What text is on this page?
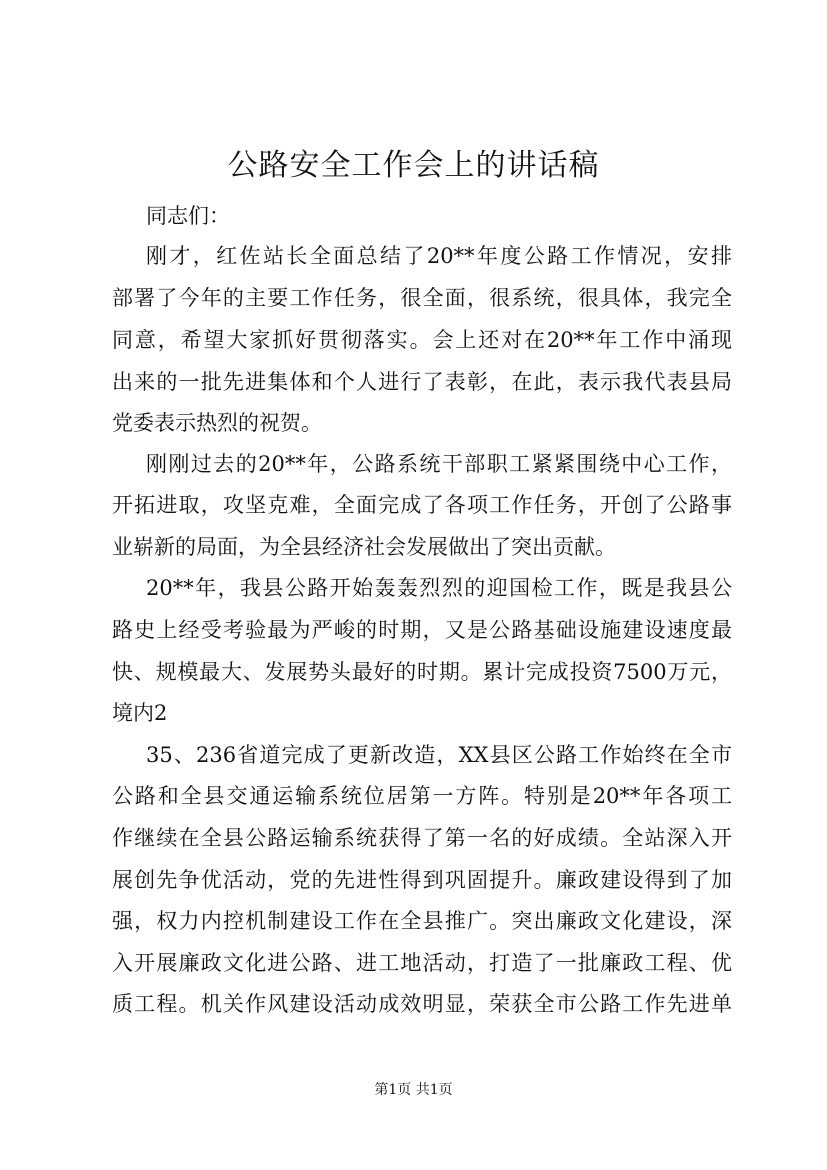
公路安全工作会上的讲话稿
同志们：
刚才，红佐站长全面总结了20**年度公路工作情况，安排
部署了今年的主要工作任务，很全面，很系统，很具体，我完全
同意，希望大家抓好贯彻落实。会上还对在20**年工作中涌现
出来的一批先进集体和个人进行了表彰，在此，表示我代表县局
党委表示热烈的祝贺。
刚刚过去的20**年，公路系统干部职工紧紧围绕中心工作，
开拓进取，攻坚克难，全面完成了各项工作任务，开创了公路事
业崭新的局面，为全县经济社会发展做出了突出贡献。
20**年，我县公路开始轰轰烈烈的迎国检工作，既是我县公
路史上经受考验最为严峻的时期，又是公路基础设施建设速度最
快、规模最大、发展势头最好的时期。累计完成投资7500万元，
境内2
35、236省道完成了更新改造，XX县区公路工作始终在全市
公路和全县交通运输系统位居第一方阵。特别是20**年各项工
作继续在全县公路运输系统获得了第一名的好成绩。全站深入开
展创先争优活动，党的先进性得到巩固提升。廉政建设得到了加
强，权力内控机制建设工作在全县推广。突出廉政文化建设，深
入开展廉政文化进公路、进工地活动，打造了一批廉政工程、优
质工程。机关作风建设活动成效明显，荣获全市公路工作先进单
第1页 共1页
